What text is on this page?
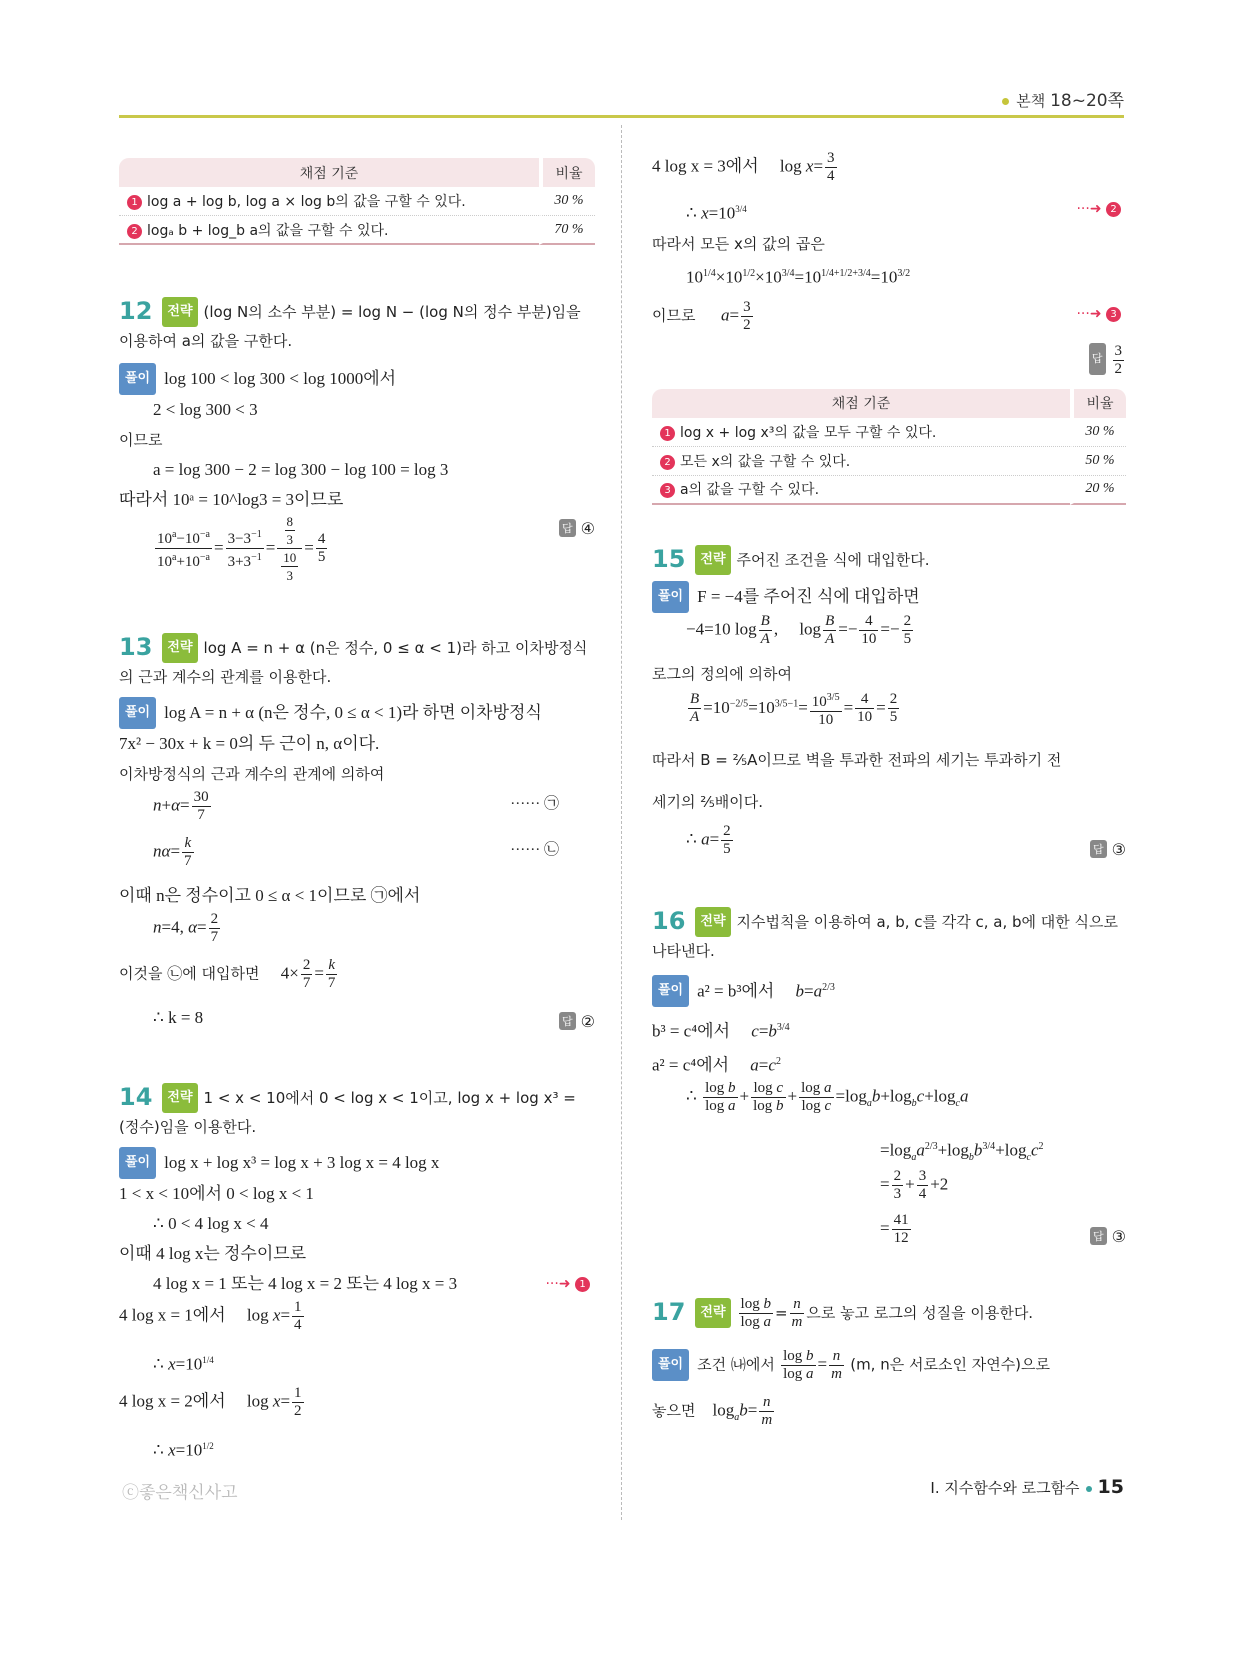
본책 18~20쪽
채점 기준	비율
1 log a + log b, log a × log b의 값을 구할 수 있다.	30 %
2 logₐ b + log_b a의 값을 구할 수 있다.	70 %
12 전략 (log N의 소수 부분) = log N − (log N의 정수 부분)임을 이용하여 a의 값을 구한다.
풀이 log 100 < log 300 < log 1000에서
2 < log 300 < 3
이므로
a = log 300 − 2 = log 300 − log 100 = log 3
따라서 10ᵃ = 10^log3 = 3이므로
$\frac{10^a-10^{-a}}{10^a+10^{-a}} = \frac{3-3^{-1}}{3+3^{-1}} = \frac{\frac{8}{3}}{\frac{10}{3}} = \frac{4}{5}$
답 ④
13 전략 log A = n + α (n은 정수, 0 ≤ α < 1)라 하고 이차방정식의 근과 계수의 관계를 이용한다.
풀이 log A = n + α (n은 정수, 0 ≤ α < 1)라 하면 이차방정식
7x² − 30x + k = 0의 두 근이 n, α이다.
이차방정식의 근과 계수의 관계에 의하여
$n+\alpha= \frac{30}{7}$	······ ㉠
$n\alpha= \frac{k}{7}$	······ ㉡
이때 n은 정수이고 0 ≤ α < 1이므로 ㉠에서
n=4, $\alpha= \frac{2}{7}$
이것을 ㉡에 대입하면     $4\times \frac{2}{7} = \frac{k}{7}$
∴ k = 8	답 ②
14 전략 1 < x < 10에서 0 < log x < 1이고, log x + log x³ = (정수)임을 이용한다.
풀이 log x + log x³ = log x + 3 log x = 4 log x
1 < x < 10에서 0 < log x < 1
∴ 0 < 4 log x < 4
이때 4 log x는 정수이므로
4 log x = 1 또는 4 log x = 2 또는 4 log x = 3	···➜ 1
4 log x = 1에서     $\log x= \frac{1}{4}$
∴ $x=10^{1/4}$
4 log x = 2에서     $\log x= \frac{1}{2}$
∴ $x=10^{1/2}$
4 log x = 3에서     $\log x= \frac{3}{4}$
∴ $x=10^{3/4}$	···➜ 2
따라서 모든 x의 값의 곱은
$10^{1/4}\times 10^{1/2}\times 10^{3/4}=10^{1/4+1/2+3/4}=10^{3/2}$
이므로 $a= \frac{3}{2}$	···➜ 3
답 $\frac{3}{2}$
채점 기준	비율
1 log x + log x³의 값을 모두 구할 수 있다.	30 %
2 모든 x의 값을 구할 수 있다.	50 %
3 a의 값을 구할 수 있다.	20 %
15 전략 주어진 조건을 식에 대입한다.
풀이 F = −4를 주어진 식에 대입하면
−4=10 $\log \frac{B}{A}$ ,     $\log \frac{B}{A} =- \frac{4}{10} =- \frac{2}{5}$
로그의 정의에 의하여
$\frac{B}{A} =10^{-2/5}=10^{3/5-1}= \frac{10^{3/5}}{10} = \frac{4}{10} = \frac{2}{5}$
따라서 B = ⅖A이므로 벽을 투과한 전파의 세기는 투과하기 전
세기의 ⅖배이다.
∴ $a= \frac{2}{5}$	답 ③
16 전략 지수법칙을 이용하여 a, b, c를 각각 c, a, b에 대한 식으로 나타낸다.
풀이 a² = b³에서 $b=a^{2/3}$
b³ = c⁴에서 $c=b^{3/4}$
a² = c⁴에서 $a=c^2$
∴ $\frac{\text{log b}}{\text{log a}} + \frac{\text{log c}}{\text{log b}} + \frac{\text{log a}}{\text{log c}} =\log_ab+\log_bc+\log_ca$
$=\log_aa^{2/3}+\log_bb^{3/4}+\log_cc^2$
= $\frac{2}{3} + \frac{3}{4} +2$
= $\frac{41}{12}$	답 ③
17 전략 $\frac{\text{log b}}{\text{log a}} = \frac{n}{m}$ 으로 놓고 로그의 성질을 이용한다.
풀이 조건 ㈏에서 $\frac{\text{log b}}{\text{log a}} = \frac{n}{m} (m$, n은 서로소인 자연수)으로
놓으면    $\log_ab= \frac{n}{m}$
ⓒ좋은책신사고	Ⅰ. 지수함수와 로그함수 15
